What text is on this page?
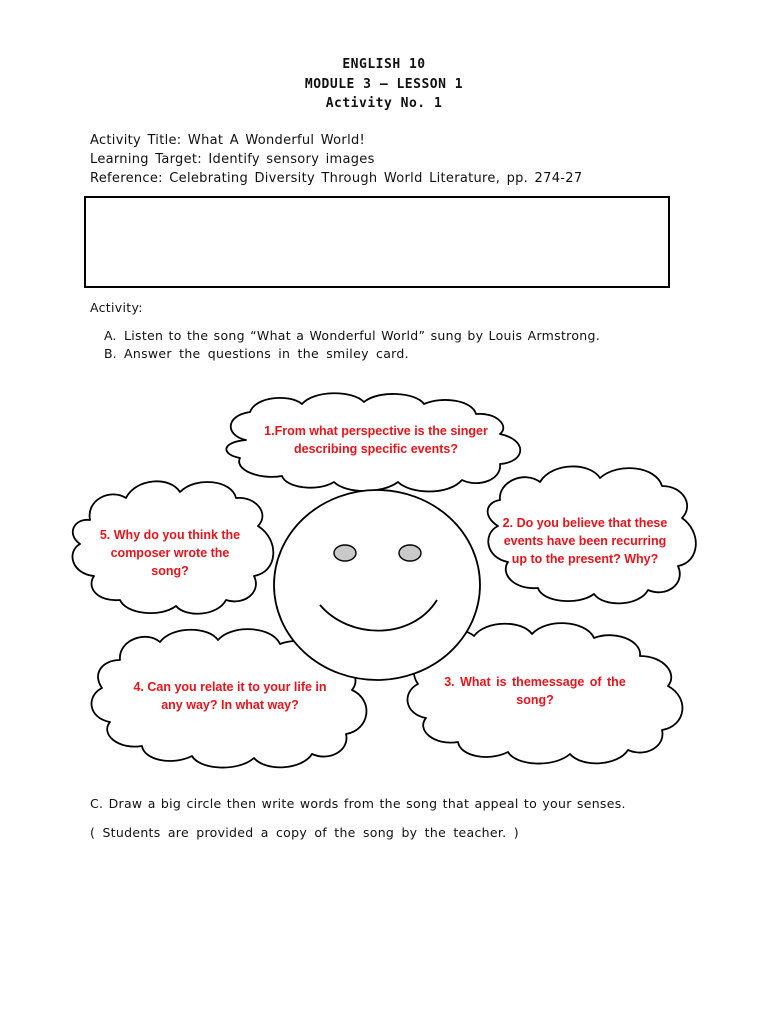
ENGLISH 10
MODULE 3 – LESSON 1
Activity No. 1
Activity Title: What A Wonderful World!
Learning Target: Identify sensory images
Reference: Celebrating Diversity Through World Literature, pp. 274-27
Activity:
A. Listen to the song “What a Wonderful World” sung by Louis Armstrong.
B. Answer the questions in the smiley card.
1.From what perspective is the singer
describing specific events?
5. Why do you think the
composer wrote the
song?
2. Do you believe that these
events have been recurring
up to the present? Why?
4. Can you relate it to your life in
any way? In what way?
3. What is themessage of the
song?
C. Draw a big circle then write words from the song that appeal to your senses.
( Students are provided a copy of the song by the teacher. )
